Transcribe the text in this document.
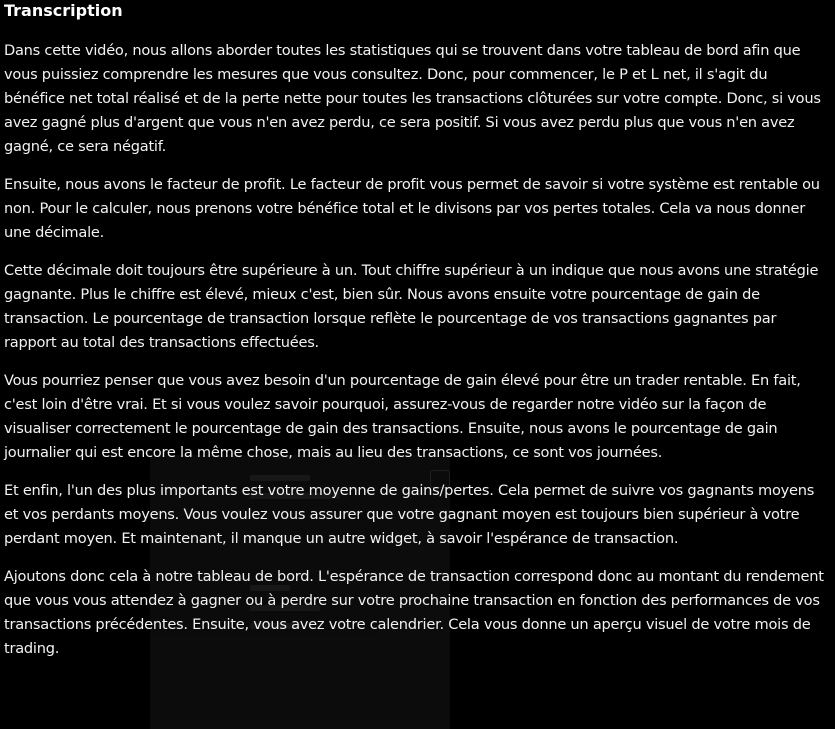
Transcription

Dans cette vidéo, nous allons aborder toutes les statistiques qui se trouvent dans votre tableau de bord afin que vous puissiez comprendre les mesures que vous consultez. Donc, pour commencer, le P et L net, il s'agit du bénéfice net total réalisé et de la perte nette pour toutes les transactions clôturées sur votre compte. Donc, si vous avez gagné plus d'argent que vous n'en avez perdu, ce sera positif. Si vous avez perdu plus que vous n'en avez gagné, ce sera négatif.

Ensuite, nous avons le facteur de profit. Le facteur de profit vous permet de savoir si votre système est rentable ou non. Pour le calculer, nous prenons votre bénéfice total et le divisons par vos pertes totales. Cela va nous donner une décimale.

Cette décimale doit toujours être supérieure à un. Tout chiffre supérieur à un indique que nous avons une stratégie gagnante. Plus le chiffre est élevé, mieux c'est, bien sûr. Nous avons ensuite votre pourcentage de gain de transaction. Le pourcentage de transaction lorsque reflète le pourcentage de vos transactions gagnantes par rapport au total des transactions effectuées.

Vous pourriez penser que vous avez besoin d'un pourcentage de gain élevé pour être un trader rentable. En fait, c'est loin d'être vrai. Et si vous voulez savoir pourquoi, assurez-vous de regarder notre vidéo sur la façon de visualiser correctement le pourcentage de gain des transactions. Ensuite, nous avons le pourcentage de gain journalier qui est encore la même chose, mais au lieu des transactions, ce sont vos journées.

Et enfin, l'un des plus importants est votre moyenne de gains/pertes. Cela permet de suivre vos gagnants moyens et vos perdants moyens. Vous voulez vous assurer que votre gagnant moyen est toujours bien supérieur à votre perdant moyen. Et maintenant, il manque un autre widget, à savoir l'espérance de transaction.

Ajoutons donc cela à notre tableau de bord. L'espérance de transaction correspond donc au montant du rendement que vous vous attendez à gagner ou à perdre sur votre prochaine transaction en fonction des performances de vos transactions précédentes. Ensuite, vous avez votre calendrier. Cela vous donne un aperçu visuel de votre mois de trading.
